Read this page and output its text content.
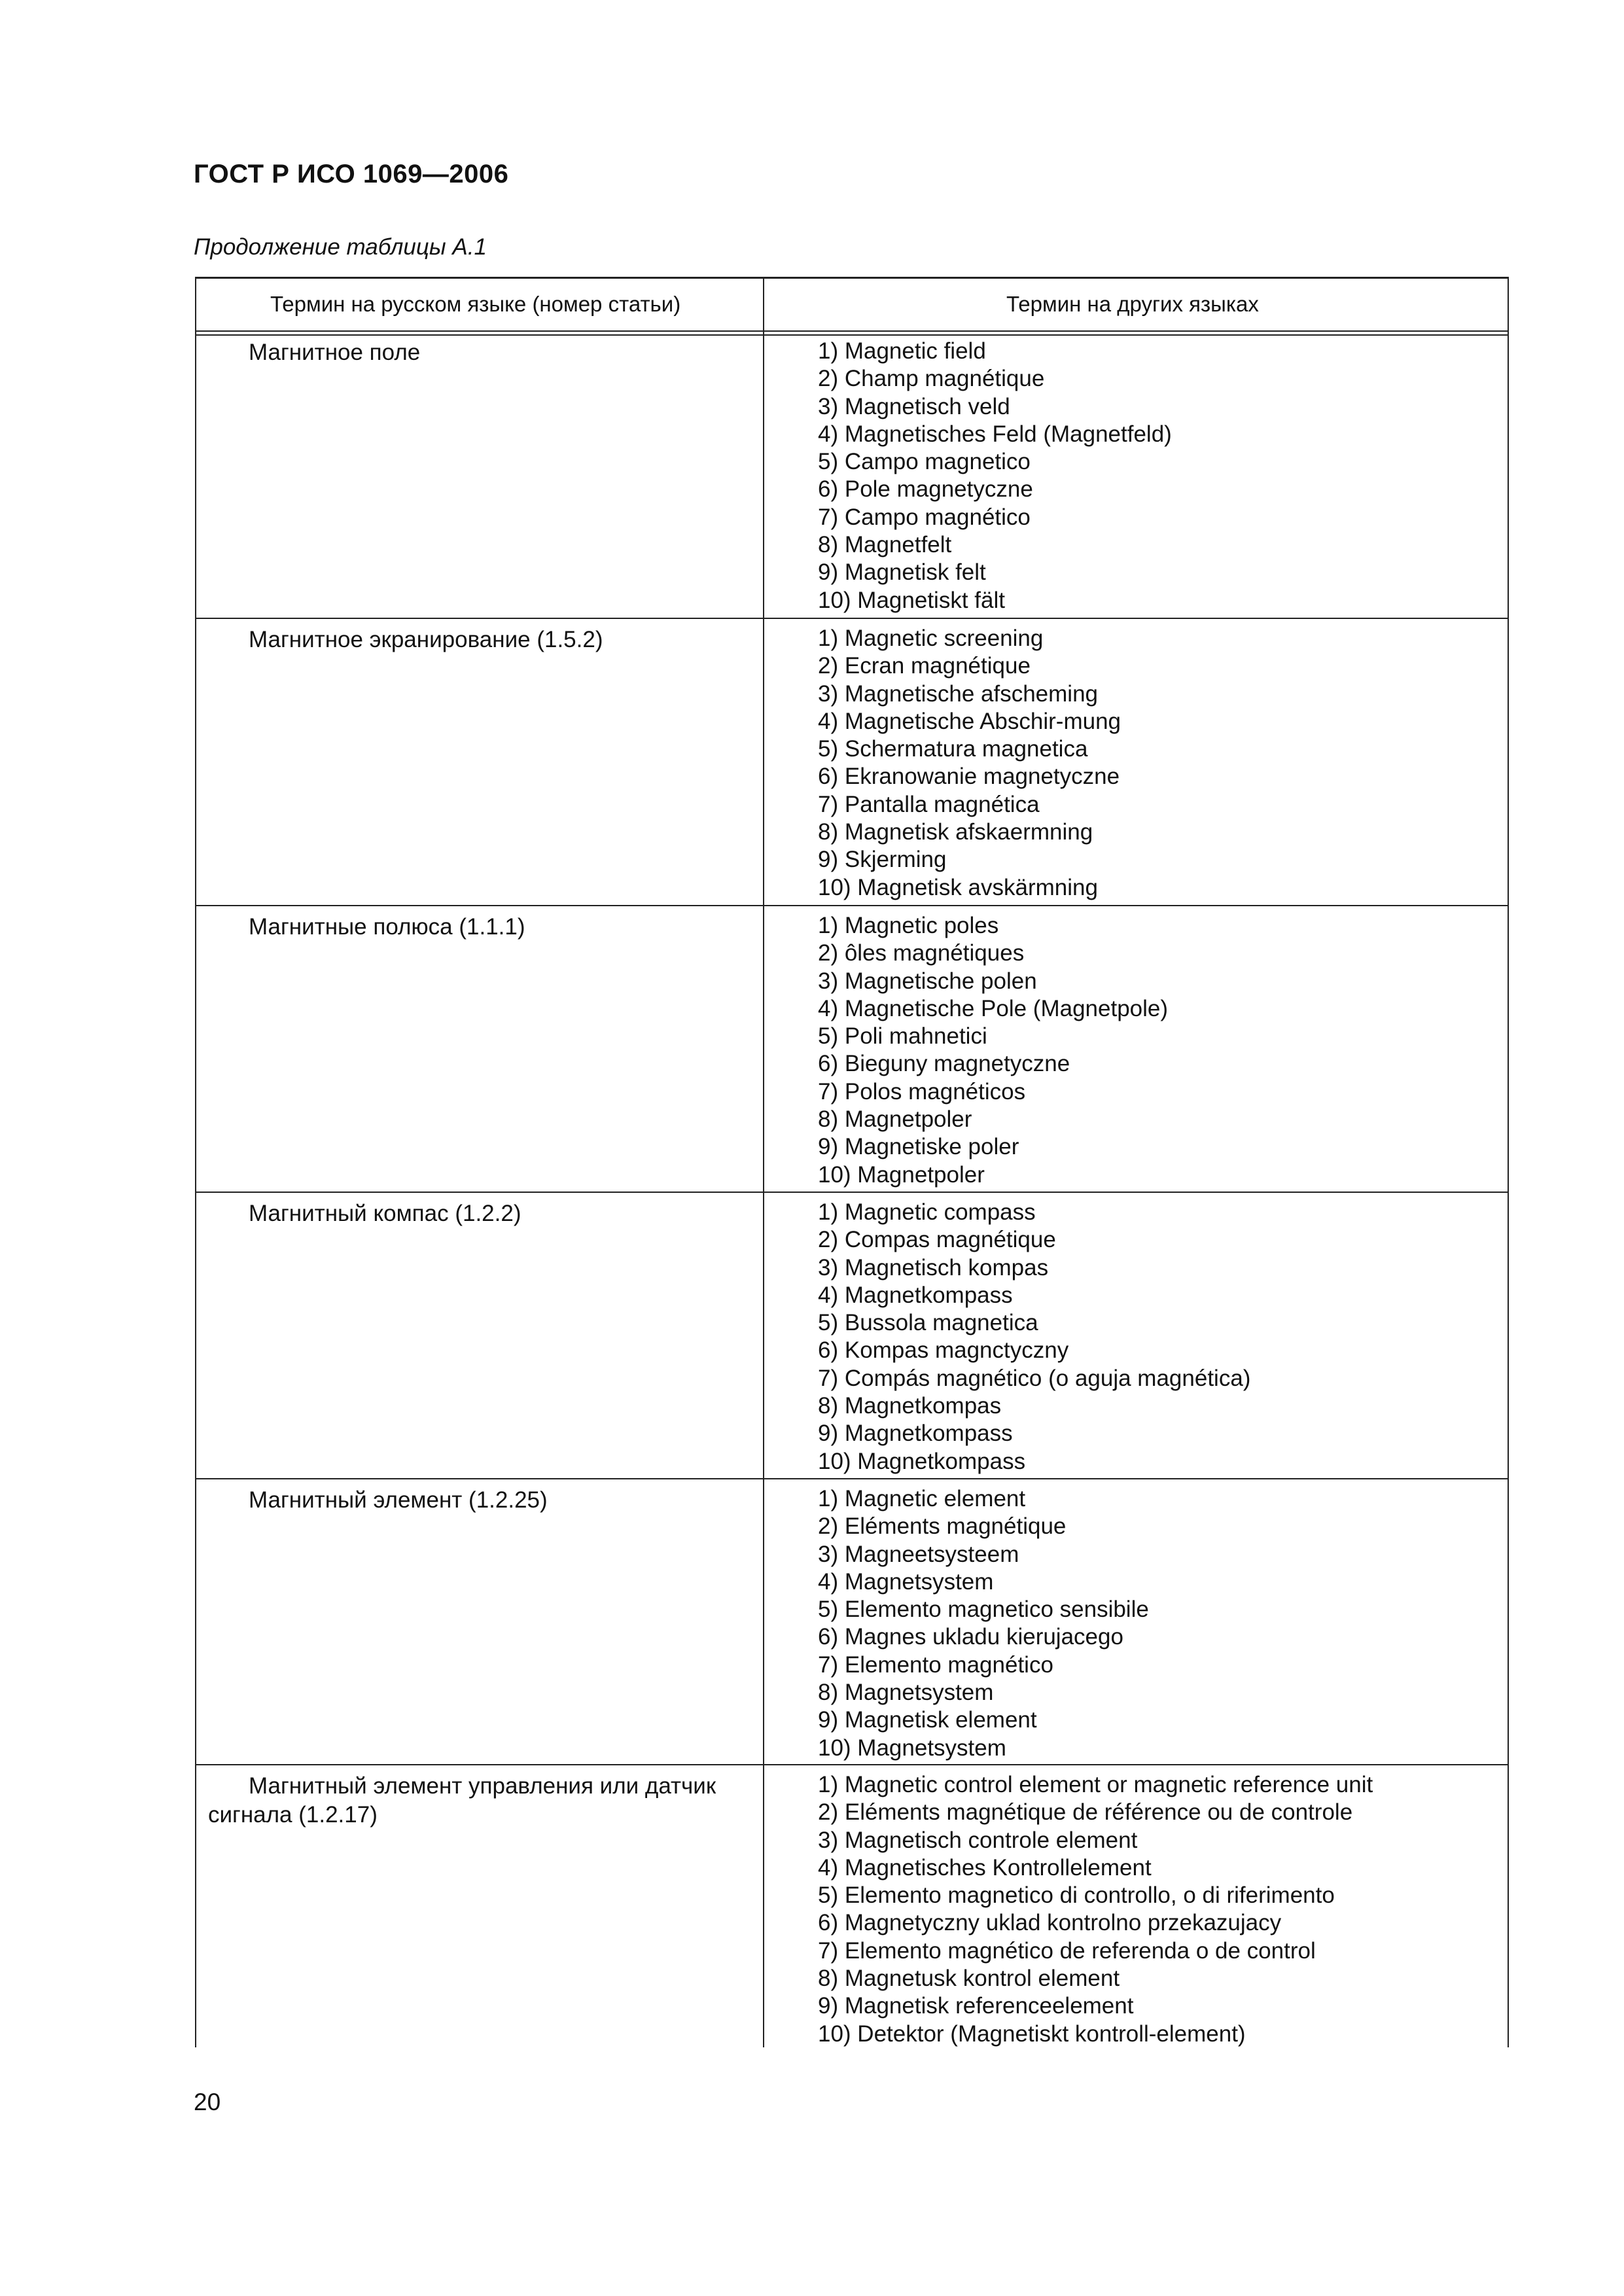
ГОСТ Р ИСО 1069—2006
Продолжение таблицы А.1
Термин на русском языке (номер статьи)	Термин на других языках
Магнитное поле	1) Magnetic field
2) Champ magnétique
3) Magnetisch veld
4) Magnetisches Feld (Magnetfeld)
5) Campo magnetico
6) Pole magnetyczne
7) Campo magnético
8) Magnetfelt
9) Magnetisk felt
10) Magnetiskt fält
Магнитное экранирование (1.5.2)	1) Magnetic screening
2) Ecran magnétique
3) Magnetische afscheming
4) Magnetische Abschir-mung
5) Schermatura magnetica
6) Ekranowanie magnetyczne
7) Pantalla magnética
8) Magnetisk afskaermning
9) Skjerming
10) Magnetisk avskärmning
Магнитные полюса (1.1.1)	1) Magnetic poles
2) ôles magnétiques
3) Magnetische polen
4) Magnetische Pole (Magnetpole)
5) Poli mahnetici
6) Bieguny magnetyczne
7) Polos magnéticos
8) Magnetpoler
9) Magnetiske poler
10) Magnetpoler
Магнитный компас (1.2.2)	1) Magnetic compass
2) Compas magnétique
3) Magnetisch kompas
4) Magnetkompass
5) Bussola magnetica
6) Kompas magnctyczny
7) Compás magnético (o aguja magnética)
8) Magnetkompas
9) Magnetkompass
10) Magnetkompass
Магнитный элемент (1.2.25)	1) Magnetic element
2) Eléments magnétique
3) Magneetsysteem
4) Magnetsystem
5) Elemento magnetico sensibile
6) Magnes ukladu kierujacego
7) Elemento magnético
8) Magnetsystem
9) Magnetisk element
10) Magnetsystem
Магнитный элемент управления или датчик
сигнала (1.2.17)
1) Magnetic control element or magnetic reference unit
2) Eléments magnétique de référence ou de controle
3) Magnetisch controle element
4) Magnetisches Kontrollelement
5) Elemento magnetico di controllo, o di riferimento
6) Magnetyczny uklad kontrolno przekazujacy
7) Elemento magnético de referenda o de control
8) Magnetusk kontrol element
9) Magnetisk referenceelement
10) Detektor (Magnetiskt kontroll-element)
20
